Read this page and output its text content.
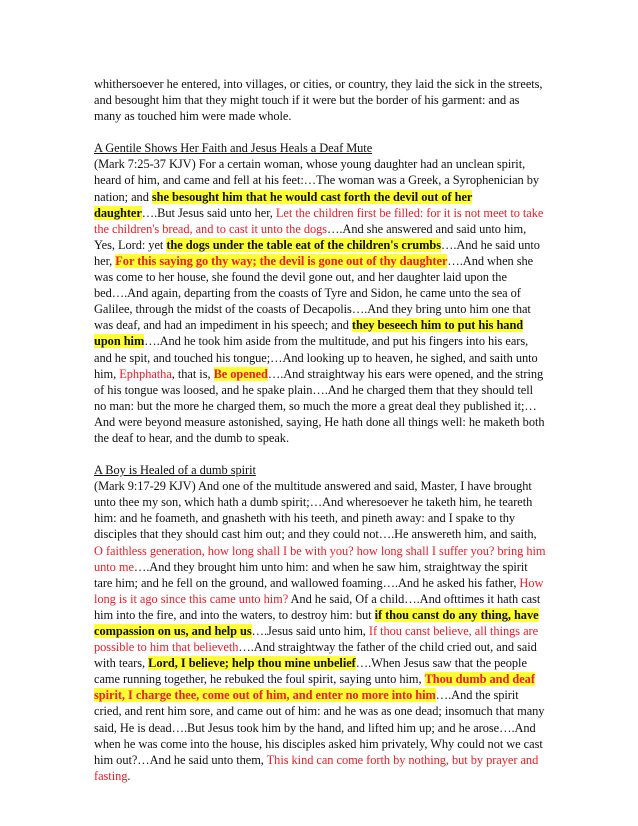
whithersoever he entered, into villages, or cities, or country, they laid the sick in the streets, and besought him that they might touch if it were but the border of his garment: and as many as touched him were made whole.

A Gentile Shows Her Faith and Jesus Heals a Deaf Mute

(Mark 7:25-37 KJV) For a certain woman, whose young daughter had an unclean spirit, heard of him, and came and fell at his feet:…The woman was a Greek, a Syrophenician by nation; and she besought him that he would cast forth the devil out of her daughter….But Jesus said unto her, Let the children first be filled: for it is not meet to take the children's bread, and to cast it unto the dogs….And she answered and said unto him, Yes, Lord: yet the dogs under the table eat of the children's crumbs….And he said unto her, For this saying go thy way; the devil is gone out of thy daughter….And when she was come to her house, she found the devil gone out, and her daughter laid upon the bed….And again, departing from the coasts of Tyre and Sidon, he came unto the sea of Galilee, through the midst of the coasts of Decapolis….And they bring unto him one that was deaf, and had an impediment in his speech; and they beseech him to put his hand upon him….And he took him aside from the multitude, and put his fingers into his ears, and he spit, and touched his tongue;…And looking up to heaven, he sighed, and saith unto him, Ephphatha, that is, Be opened….And straightway his ears were opened, and the string of his tongue was loosed, and he spake plain….And he charged them that they should tell no man: but the more he charged them, so much the more a great deal they published it;…And were beyond measure astonished, saying, He hath done all things well: he maketh both the deaf to hear, and the dumb to speak.

A Boy is Healed of a dumb spirit

(Mark 9:17-29 KJV) And one of the multitude answered and said, Master, I have brought unto thee my son, which hath a dumb spirit;…And wheresoever he taketh him, he teareth him: and he foameth, and gnasheth with his teeth, and pineth away: and I spake to thy disciples that they should cast him out; and they could not….He answereth him, and saith, O faithless generation, how long shall I be with you? how long shall I suffer you? bring him unto me….And they brought him unto him: and when he saw him, straightway the spirit tare him; and he fell on the ground, and wallowed foaming….And he asked his father, How long is it ago since this came unto him? And he said, Of a child….And ofttimes it hath cast him into the fire, and into the waters, to destroy him: but if thou canst do any thing, have compassion on us, and help us….Jesus said unto him, If thou canst believe, all things are possible to him that believeth….And straightway the father of the child cried out, and said with tears, Lord, I believe; help thou mine unbelief….When Jesus saw that the people came running together, he rebuked the foul spirit, saying unto him, Thou dumb and deaf spirit, I charge thee, come out of him, and enter no more into him….And the spirit cried, and rent him sore, and came out of him: and he was as one dead; insomuch that many said, He is dead….But Jesus took him by the hand, and lifted him up; and he arose….And when he was come into the house, his disciples asked him privately, Why could not we cast him out?…And he said unto them, This kind can come forth by nothing, but by prayer and fasting.
